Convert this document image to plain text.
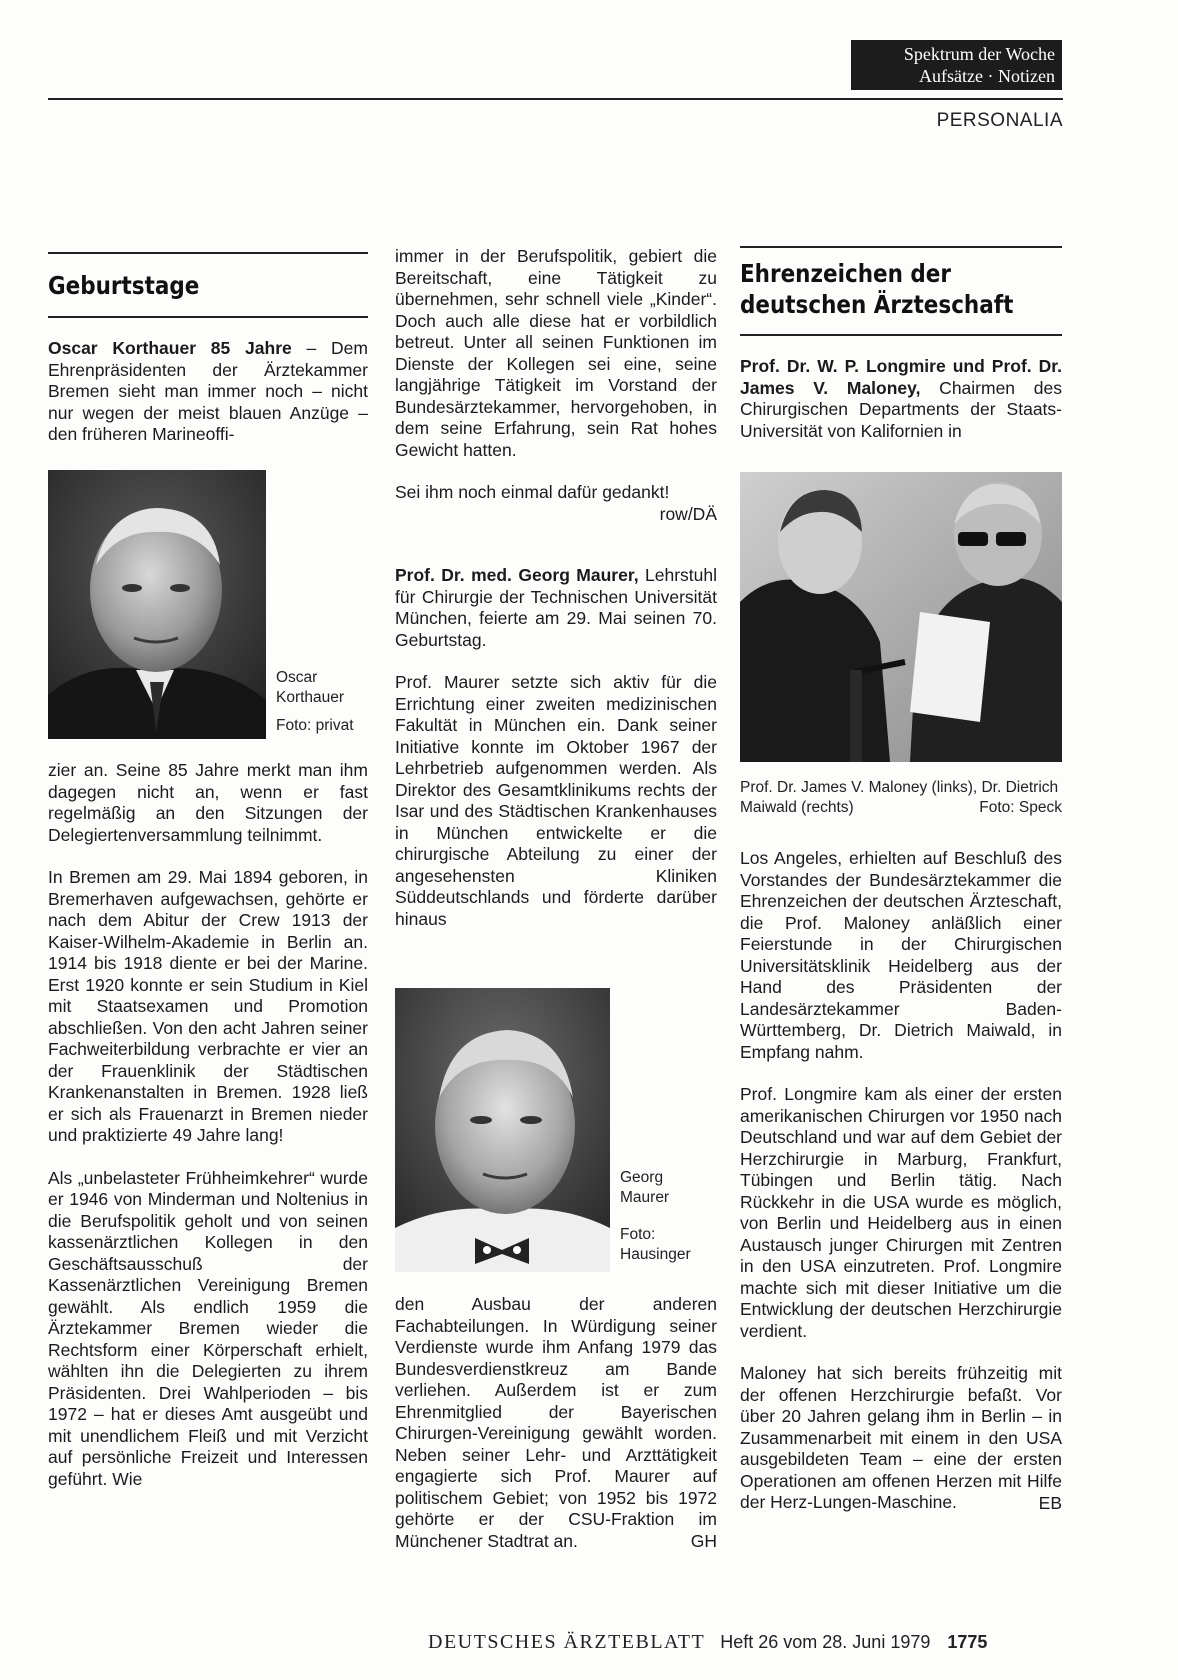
Spektrum der Woche
Aufsätze · Notizen
PERSONALIA
Geburtstage

Oscar Korthauer 85 Jahre – Dem Ehrenpräsidenten der Ärztekammer Bremen sieht man immer noch – nicht nur wegen der meist blauen Anzüge – den früheren Marineoffi-

Oscar Korthauer
Foto: privat

zier an. Seine 85 Jahre merkt man ihm dagegen nicht an, wenn er fast regelmäßig an den Sitzungen der Delegiertenversammlung teilnimmt.

In Bremen am 29. Mai 1894 geboren, in Bremerhaven aufgewachsen, gehörte er nach dem Abitur der Crew 1913 der Kaiser-Wilhelm-Akademie in Berlin an. 1914 bis 1918 diente er bei der Marine. Erst 1920 konnte er sein Studium in Kiel mit Staatsexamen und Promotion abschließen. Von den acht Jahren seiner Fachweiterbildung verbrachte er vier an der Frauenklinik der Städtischen Krankenanstalten in Bremen. 1928 ließ er sich als Frauenarzt in Bremen nieder und praktizierte 49 Jahre lang!

Als „unbelasteter Frühheimkehrer“ wurde er 1946 von Minderman und Noltenius in die Berufspolitik geholt und von seinen kassenärztlichen Kollegen in den Geschäftsausschuß der Kassenärztlichen Vereinigung Bremen gewählt. Als endlich 1959 die Ärztekammer Bremen wieder die Rechtsform einer Körperschaft erhielt, wählten ihn die Delegierten zu ihrem Präsidenten. Drei Wahlperioden – bis 1972 – hat er dieses Amt ausgeübt und mit unendlichem Fleiß und mit Verzicht auf persönliche Freizeit und Interessen geführt. Wie

immer in der Berufspolitik, gebiert die Bereitschaft, eine Tätigkeit zu übernehmen, sehr schnell viele „Kinder“. Doch auch alle diese hat er vorbildlich betreut. Unter all seinen Funktionen im Dienste der Kollegen sei eine, seine langjährige Tätigkeit im Vorstand der Bundesärztekammer, hervorgehoben, in dem seine Erfahrung, sein Rat hohes Gewicht hatten.

Sei ihm noch einmal dafür gedankt!

row/DÄ

Prof. Dr. med. Georg Maurer, Lehrstuhl für Chirurgie der Technischen Universität München, feierte am 29. Mai seinen 70. Geburtstag.

Prof. Maurer setzte sich aktiv für die Errichtung einer zweiten medizinischen Fakultät in München ein. Dank seiner Initiative konnte im Oktober 1967 der Lehrbetrieb aufgenommen werden. Als Direktor des Gesamtklinikums rechts der Isar und des Städtischen Krankenhauses in München entwickelte er die chirurgische Abteilung zu einer der angesehensten Kliniken Süddeutschlands und förderte darüber hinaus

Georg Maurer
Foto: Hausinger

den Ausbau der anderen Fachabteilungen. In Würdigung seiner Verdienste wurde ihm Anfang 1979 das Bundesverdienstkreuz am Bande verliehen. Außerdem ist er zum Ehrenmitglied der Bayerischen Chirurgen-Vereinigung gewählt worden. Neben seiner Lehr- und Arzttätigkeit engagierte sich Prof. Maurer auf politischem Gebiet; von 1952 bis 1972 gehörte er der CSU-Fraktion im Münchener Stadtrat an.	GH
Ehrenzeichen der
deutschen Ärzteschaft

Prof. Dr. W. P. Longmire und Prof. Dr. James V. Maloney, Chairmen des Chirurgischen Departments der Staats-Universität von Kalifornien in

Prof. Dr. James V. Maloney (links), Dr. Dietrich Maiwald (rechts)	Foto: Speck

Los Angeles, erhielten auf Beschluß des Vorstandes der Bundesärztekammer die Ehrenzeichen der deutschen Ärzteschaft, die Prof. Maloney anläßlich einer Feierstunde in der Chirurgischen Universitätsklinik Heidelberg aus der Hand des Präsidenten der Landesärztekammer Baden-Württemberg, Dr. Dietrich Maiwald, in Empfang nahm.

Prof. Longmire kam als einer der ersten amerikanischen Chirurgen vor 1950 nach Deutschland und war auf dem Gebiet der Herzchirurgie in Marburg, Frankfurt, Tübingen und Berlin tätig. Nach Rückkehr in die USA wurde es möglich, von Berlin und Heidelberg aus in einen Austausch junger Chirurgen mit Zentren in den USA einzutreten. Prof. Longmire machte sich mit dieser Initiative um die Entwicklung der deutschen Herzchirurgie verdient.

Maloney hat sich bereits frühzeitig mit der offenen Herzchirurgie befaßt. Vor über 20 Jahren gelang ihm in Berlin – in Zusammenarbeit mit einem in den USA ausgebildeten Team – eine der ersten Operationen am offenen Herzen mit Hilfe der Herz-Lungen-Maschine.	EB
DEUTSCHES ÄRZTEBLATT Heft 26 vom 28. Juni 1979 1775
